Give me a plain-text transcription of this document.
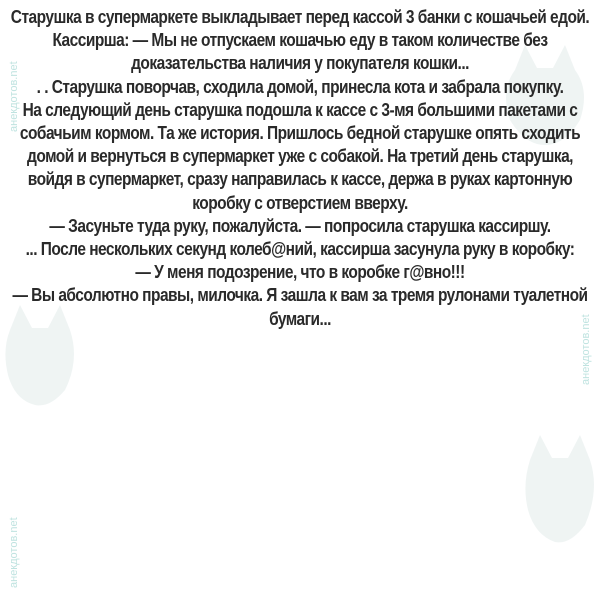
анекдотов.net
анекдотов.net
анекдотов.net

Старушка в супермаркете выкладывает перед кассой 3 банки с кошачьей едой.

Кассирша: — Мы не отпускаем кошачью еду в таком количестве без доказательства наличия у покупателя кошки...

. . Старушка поворчав, сходила домой, принесла кота и забрала покупку.

На следующий день старушка подошла к кассе с 3-мя большими пакетами с собачьим кормом. Та же история. Пришлось бедной старушке опять сходить домой и вернуться в супермаркет уже с собакой. На третий день старушка, войдя в супермаркет, сразу направилась к кассе, держа в руках картонную коробку с отверстием вверху.

— Засуньте туда руку, пожалуйста. — попросила старушка кассиршу.

... После нескольких секунд колеб@ний, кассирша засунула руку в коробку:

— У меня подозрение, что в коробке г@вно!!!

— Вы абсолютно правы, милочка. Я зашла к вам за тремя рулонами туалетной бумаги...
